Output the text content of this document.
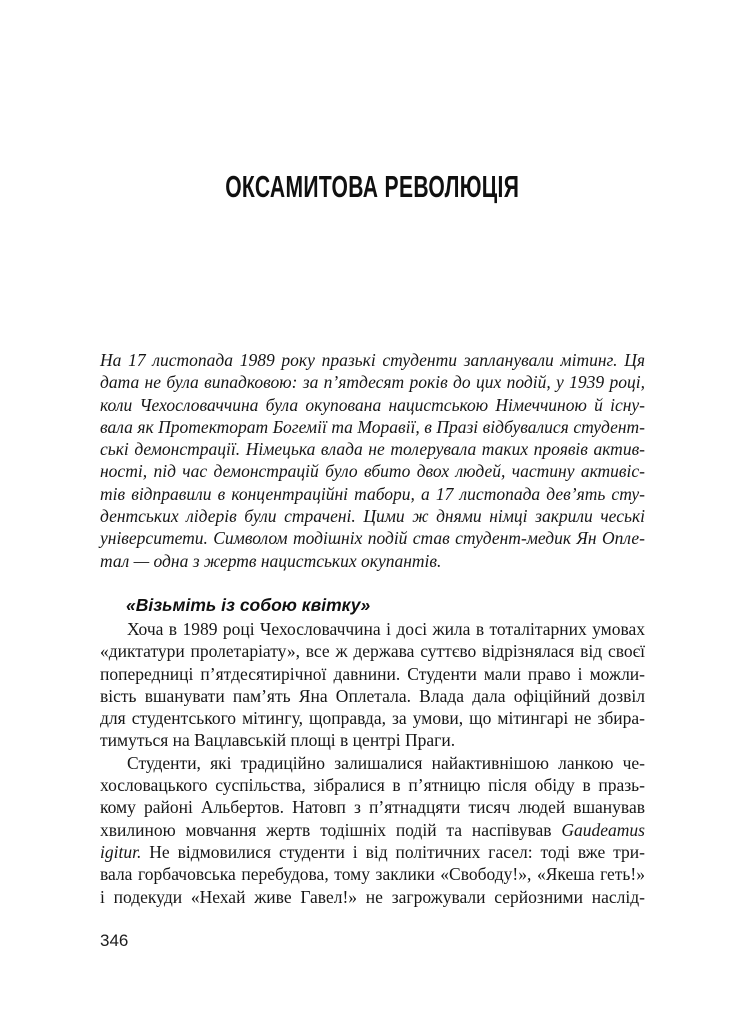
ОКСАМИТОВА РЕВОЛЮЦІЯ
На 17 листопада 1989 року празькі студенти запланували мітинг. Ця
дата не була випадковою: за п’ятдесят років до цих подій, у 1939 році,
коли Чехословаччина була окупована нацистською Німеччиною й існу-
вала як Протекторат Богемії та Моравії, в Празі відбувалися студент-
ські демонстрації. Німецька влада не толерувала таких проявів актив-
ності, під час демонстрацій було вбито двох людей, частину активіс-
тів відправили в концентраційні табори, а 17 листопада дев’ять сту-
дентських лідерів були страчені. Цими ж днями німці закрили чеські
університети. Символом тодішніх подій став студент-медик Ян Опле-
тал — одна з жертв нацистських окупантів.
«Візьміть із собою квітку»
Хоча в 1989 році Чехословаччина і досі жила в тоталітарних умовах
«диктатури пролетаріату», все ж держава суттєво відрізнялася від своєї
попередниці п’ятдесятирічної давнини. Студенти мали право і можли-
вість вшанувати пам’ять Яна Оплетала. Влада дала офіційний дозвіл
для студентського мітингу, щоправда, за умови, що мітингарі не збира-
тимуться на Вацлавській площі в центрі Праги.
Студенти, які традиційно залишалися найактивнішою ланкою че-
хословацького суспільства, зібралися в п’ятницю після обіду в празь-
кому районі Альбертов. Натовп з п’ятнадцяти тисяч людей вшанував
хвилиною мовчання жертв тодішніх подій та наспівував Gaudeamus
igitur. Не відмовилися студенти і від політичних гасел: тоді вже три-
вала горбачовська перебудова, тому заклики «Свободу!», «Якеша геть!»
і подекуди «Нехай живе Гавел!» не загрожували серйозними наслід-
346
